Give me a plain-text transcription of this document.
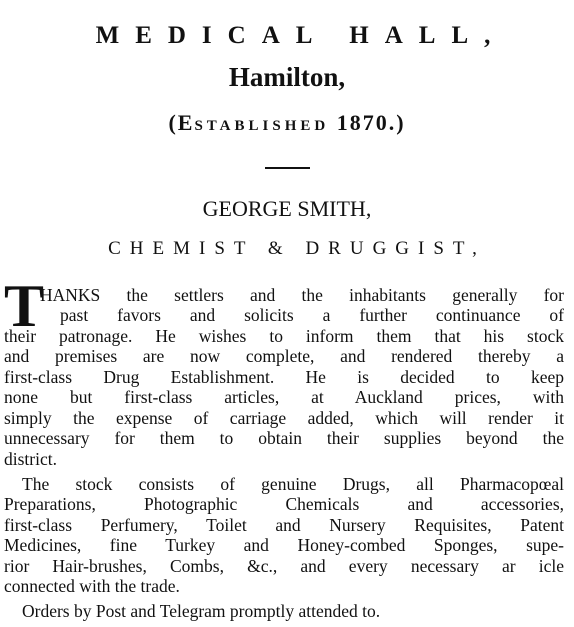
MEDICAL HALL,
Hamilton,
(ESTABLISHED 1870.)
GEORGE SMITH,
CHEMIST & DRUGGIST,
T
HANKS the settlers and the inhabitants generally for
past favors and solicits a further continuance of
their patronage. He wishes to inform them that his stock
and premises are now complete, and rendered thereby a
first-class Drug Establishment. He is decided to keep
none but first-class articles, at Auckland prices, with
simply the expense of carriage added, which will render it
unnecessary for them to obtain their supplies beyond the
district.
The stock consists of genuine Drugs, all Pharmacopœal
Preparations, Photographic Chemicals and accessories,
first-class Perfumery, Toilet and Nursery Requisites, Patent
Medicines, fine Turkey and Honey-combed Sponges, supe-
rior Hair-brushes, Combs, &c., and every necessary ar icle
connected with the trade.
Orders by Post and Telegram promptly attended to.
